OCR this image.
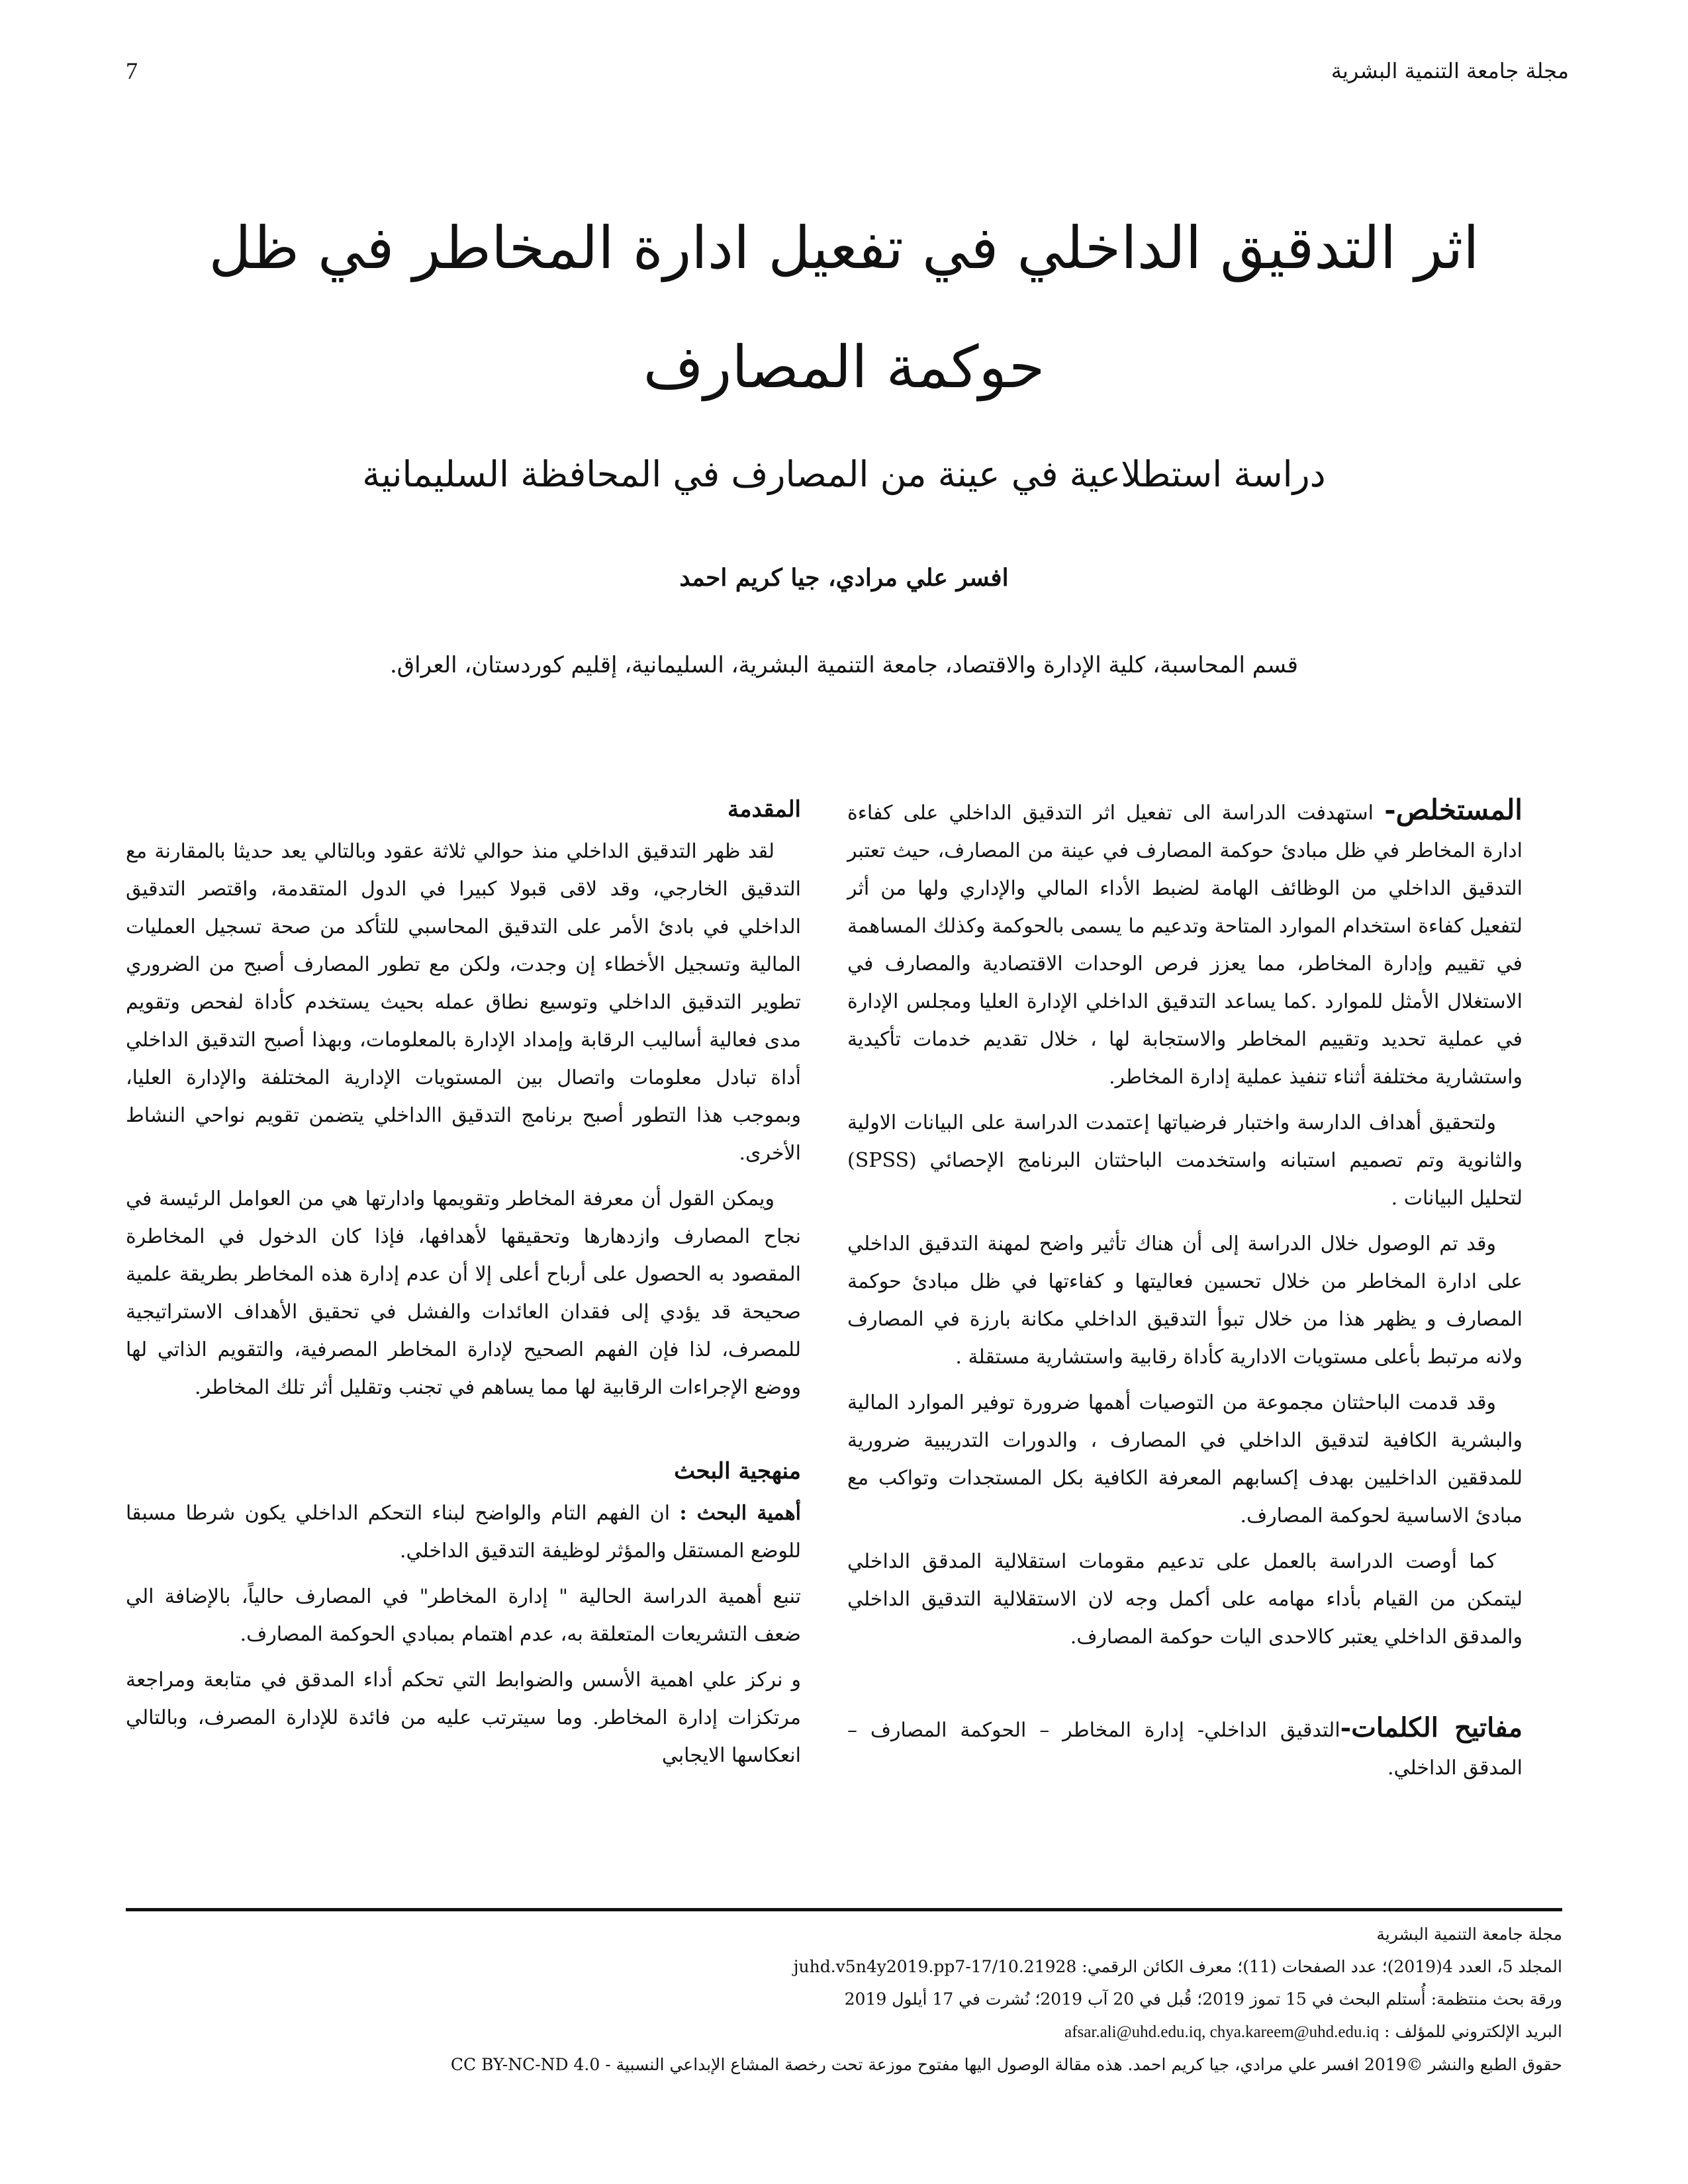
مجلة جامعة التنمية البشرية
7
اثر التدقيق الداخلي في تفعيل ادارة المخاطر في ظل حوكمة المصارف
دراسة استطلاعية في عينة من المصارف في المحافظة السليمانية
افسر علي مرادي، جيا كريم احمد
قسم المحاسبة، كلية الإدارة والاقتصاد، جامعة التنمية البشرية، السليمانية، إقليم كوردستان، العراق.

المستخلص- استهدفت الدراسة الى تفعيل اثر التدقيق الداخلي على كفاءة ادارة المخاطر في ظل مبادئ حوكمة المصارف في عينة من المصارف، حيث تعتبر التدقيق الداخلي من الوظائف الهامة لضبط الأداء المالي والإداري ولها من أثر لتفعيل كفاءة استخدام الموارد المتاحة وتدعيم ما يسمى بالحوكمة وكذلك المساهمة في تقييم وإدارة المخاطر، مما يعزز فرص الوحدات الاقتصادية والمصارف في الاستغلال الأمثل للموارد .كما يساعد التدقيق الداخلي الإدارة العليا ومجلس الإدارة في عملية تحديد وتقييم المخاطر والاستجابة لها ، خلال تقديم خدمات تأكيدية واستشارية مختلفة أثناء تنفيذ عملية إدارة المخاطر.

ولتحقيق أهداف الدارسة واختبار فرضياتها إعتمدت الدراسة على البيانات الاولية والثانوية وتم تصميم استبانه واستخدمت الباحثتان البرنامج الإحصائي (SPSS) لتحليل البيانات .

وقد تم الوصول خلال الدراسة إلى أن هناك تأثير واضح لمهنة التدقيق الداخلي على ادارة المخاطر من خلال تحسين فعاليتها و كفاءتها في ظل مبادئ حوكمة المصارف و يظهر هذا من خلال تبوأ التدقيق الداخلي مكانة بارزة في المصارف ولانه مرتبط بأعلى مستويات الادارية كأداة رقابية واستشارية مستقلة .

وقد قدمت الباحثتان مجموعة من التوصيات أهمها ضرورة توفير الموارد المالية والبشرية الكافية لتدقيق الداخلي في المصارف ، والدورات التدريبية ضرورية للمدققين الداخليين بهدف إكسابهم المعرفة الكافية بكل المستجدات وتواكب مع مبادئ الاساسية لحوكمة المصارف.

كما أوصت الدراسة بالعمل على تدعيم مقومات استقلالية المدقق الداخلي ليتمكن من القيام بأداء مهامه على أكمل وجه لان الاستقلالية التدقيق الداخلي والمدقق الداخلي يعتبر كالاحدى اليات حوكمة المصارف.

مفاتيح الكلمات-التدقيق الداخلي- إدارة المخاطر – الحوكمة المصارف – المدقق الداخلي.

المقدمة

لقد ظهر التدقيق الداخلي منذ حوالي ثلاثة عقود وبالتالي يعد حديثا بالمقارنة مع التدقيق الخارجي، وقد لاقى قبولا كبيرا في الدول المتقدمة، واقتصر التدقيق الداخلي في بادئ الأمر على التدقيق المحاسبي للتأكد من صحة تسجيل العمليات المالية وتسجيل الأخطاء إن وجدت، ولكن مع تطور المصارف أصبح من الضروري تطوير التدقيق الداخلي وتوسيع نطاق عمله بحيث يستخدم كأداة لفحص وتقويم مدى فعالية أساليب الرقابة وإمداد الإدارة بالمعلومات، وبهذا أصبح التدقيق الداخلي أداة تبادل معلومات واتصال بين المستويات الإدارية المختلفة والإدارة العليا، وبموجب هذا التطور أصبح برنامج التدقيق االداخلي يتضمن تقويم نواحي النشاط الأخرى.

ويمكن القول أن معرفة المخاطر وتقويمها وادارتها هي من العوامل الرئيسة في نجاح المصارف وازدهارها وتحقيقها لأهدافها، فإذا كان الدخول في المخاطرة المقصود به الحصول على أرباح أعلى إلا أن عدم إدارة هذه المخاطر بطريقة علمية صحيحة قد يؤدي إلى فقدان العائدات والفشل في تحقيق الأهداف الاستراتيجية للمصرف، لذا فإن الفهم الصحيح لإدارة المخاطر المصرفية، والتقويم الذاتي لها ووضع الإجراءات الرقابية لها مما يساهم في تجنب وتقليل أثر تلك المخاطر.

منهجية البحث

أهمية البحث : ان الفهم التام والواضح لبناء التحكم الداخلي يكون شرطا مسبقا للوضع المستقل والمؤثر لوظيفة التدقيق الداخلي.

تنبع أهمية الدراسة الحالية " إدارة المخاطر" في المصارف حالياً، بالإضافة الي ضعف التشريعات المتعلقة به، عدم اهتمام بمبادي الحوكمة المصارف.

و نركز علي اهمية الأسس والضوابط التي تحكم أداء المدقق في متابعة ومراجعة مرتكزات إدارة المخاطر. وما سيترتب عليه من فائدة للإدارة المصرف، وبالتالي انعكاسها الايجابي

مجلة جامعة التنمية البشرية
المجلد 5، العدد 4(2019)؛ عدد الصفحات (11)؛ معرف الكائن الرقمي: 10.21928/juhd.v5n4y2019.pp7-17
ورقة بحث منتظمة: أُستلم البحث في 15 تموز 2019؛ قُبل في 20 آب 2019؛ نُشرت في 17 أيلول 2019
البريد الإلكتروني للمؤلف : afsar.ali@uhd.edu.iq, chya.kareem@uhd.edu.iq
حقوق الطبع والنشر ©2019 افسر علي مرادي، جيا كريم احمد. هذه مقالة الوصول اليها مفتوح موزعة تحت رخصة المشاع الإبداعي النسبية - CC BY-NC-ND 4.0
